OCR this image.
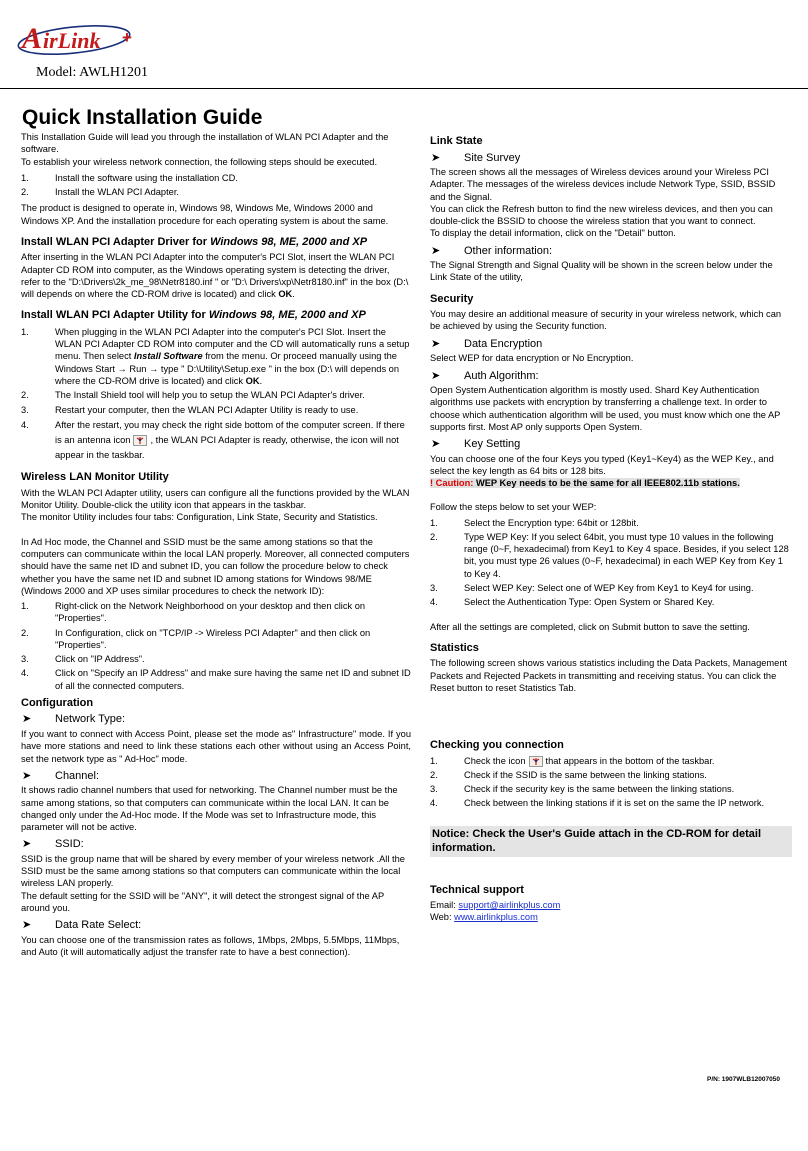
A irLink +
Model: AWLH1201
Quick Installation Guide

This Installation Guide will lead you through the installation of WLAN PCI Adapter and the software.

To establish your wireless network connection, the following steps should be executed.

1.	Install the software using the installation CD.
2.	Install the WLAN PCI Adapter.

The product is designed to operate in, Windows 98, Windows Me, Windows 2000 and Windows XP. And the installation procedure for each operating system is about the same.

Install WLAN PCI Adapter Driver for Windows 98, ME, 2000 and XP

After inserting in the WLAN PCI Adapter into the computer's PCI Slot, insert the WLAN PCI Adapter CD ROM into computer, as the Windows operating system is detecting the driver, refer to the "D:\Drivers\2k_me_98\Netr8180.inf " or "D:\ Drivers\xp\Netr8180.inf" in the box (D:\ will depends on where the CD-ROM drive is located) and click OK.

Install WLAN PCI Adapter Utility for Windows 98, ME, 2000 and XP
1.	When plugging in the WLAN PCI Adapter into the computer's PCI Slot. Insert the WLAN PCI Adapter CD ROM into computer and the CD will automatically runs a setup menu. Then select Install Software from the menu. Or proceed manually using the Windows Start → Run → type " D:\Utility\Setup.exe " in the box (D:\ will depends on where the CD-ROM drive is located) and click OK.
2.	The Install Shield tool will help you to setup the WLAN PCI Adapter's driver.
3.	Restart your computer, then the WLAN PCI Adapter Utility is ready to use.
4.	After the restart, you may check the right side bottom of the computer screen. If there is an antenna icon , the WLAN PCI Adapter is ready, otherwise, the icon will not appear in the taskbar.
Wireless LAN Monitor Utility

With the WLAN PCI Adapter utility, users can configure all the functions provided by the WLAN Monitor Utility. Double-click the utility icon that appears in the taskbar.

The monitor Utility includes four tabs: Configuration, Link State, Security and Statistics.

In Ad Hoc mode, the Channel and SSID must be the same among stations so that the computers can communicate within the local LAN properly. Moreover, all connected computers should have the same net ID and subnet ID, you can follow the procedure below to check whether you have the same net ID and subnet ID among stations for Windows 98/ME (Windows 2000 and XP uses similar procedures to check the network ID):

1.	Right-click on the Network Neighborhood on your desktop and then click on "Properties".
2.	In Configuration, click on "TCP/IP -> Wireless PCI Adapter" and then click on "Properties".
3.	Click on "IP Address".
4.	Click on "Specify an IP Address" and make sure having the same net ID and subnet ID of all the connected computers.
Configuration
➤	Network Type:

If you want to connect with Access Point, please set the mode as" Infrastructure" mode. If you have more stations and need to link these stations each other without using an Access Point, set the network type as " Ad-Hoc" mode.

➤	Channel:

It shows radio channel numbers that used for networking. The Channel number must be the same among stations, so that computers can communicate within the local LAN. It can be changed only under the Ad-Hoc mode. If the Mode was set to Infrastructure mode, this parameter will not be active.

➤	SSID:

SSID is the group name that will be shared by every member of your wireless network .All the SSID must be the same among stations so that computers can communicate within the local wireless LAN properly.

The default setting for the SSID will be "ANY", it will detect the strongest signal of the AP around you.

➤	Data Rate Select:

You can choose one of the transmission rates as follows, 1Mbps, 2Mbps, 5.5Mbps, 11Mbps, and Auto (it will automatically adjust the transfer rate to have a best connection).

Link State
➤	Site Survey

The screen shows all the messages of Wireless devices around your Wireless PCI Adapter. The messages of the wireless devices include Network Type, SSID, BSSID and the Signal.

You can click the Refresh button to find the new wireless devices, and then you can double-click the BSSID to choose the wireless station that you want to connect.

To display the detail information, click on the "Detail" button.

➤	Other information:

The Signal Strength and Signal Quality will be shown in the screen below under the Link State of the utility,

Security

You may desire an additional measure of security in your wireless network, which can be achieved by using the Security function.

➤	Data Encryption

Select WEP for data encryption or No Encryption.

➤	Auth Algorithm:

Open System Authentication algorithm is mostly used. Shard Key Authentication algorithms use packets with encryption by transferring a challenge text. In order to choose which authentication algorithm will be used, you must know which one the AP supports first. Most AP only supports Open System.

➤	Key Setting

You can choose one of the four Keys you typed (Key1~Key4) as the WEP Key., and select the key length as 64 bits or 128 bits.

! Caution: WEP Key needs to be the same for all IEEE802.11b stations.

Follow the steps below to set your WEP:

1.	Select the Encryption type: 64bit or 128bit.
2.	Type WEP Key: If you select 64bit, you must type 10 values in the following range (0~F, hexadecimal) from Key1 to Key 4 space. Besides, if you select 128 bit, you must type 26 values (0~F, hexadecimal) in each WEP Key from Key 1 to Key 4.
3.	Select WEP Key: Select one of WEP Key from Key1 to Key4 for using.
4.	Select the Authentication Type: Open System or Shared Key.

After all the settings are completed, click on Submit button to save the setting.

Statistics

The following screen shows various statistics including the Data Packets, Management Packets and Rejected Packets in transmitting and receiving status. You can click the Reset button to reset Statistics Tab.

Checking you connection
1.	Check the icon that appears in the bottom of the taskbar.
2.	Check if the SSID is the same between the linking stations.
3.	Check if the security key is the same between the linking stations.
4.	Check between the linking stations if it is set on the same the IP network.
Notice: Check the User's Guide attach in the CD-ROM for detail information.
Technical support

Email: support@airlinkplus.com

Web: www.airlinkplus.com

P/N: 1907WLB12007050
